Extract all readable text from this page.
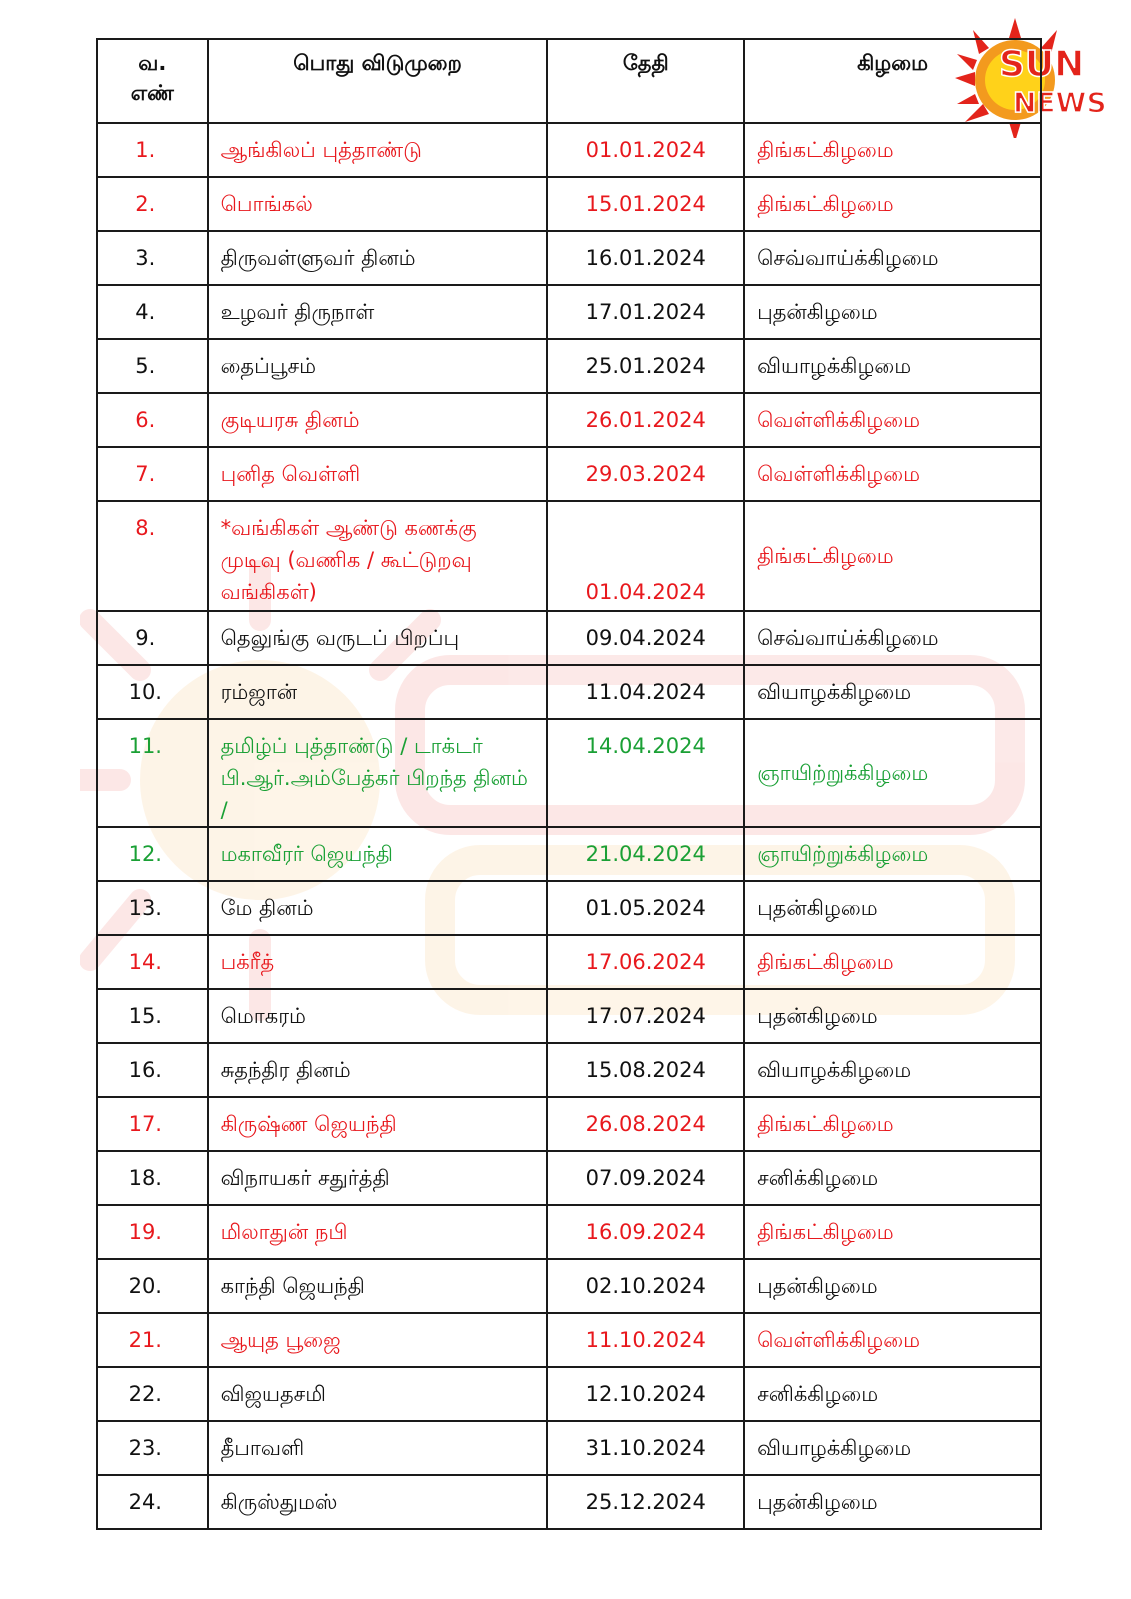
SUN
NEWS
வ. எண்	பொது விடுமுறை	தேதி	கிழமை
1.	ஆங்கிலப் புத்தாண்டு	01.01.2024	திங்கட்கிழமை
2.	பொங்கல்	15.01.2024	திங்கட்கிழமை
3.	திருவள்ளுவர் தினம்	16.01.2024	செவ்வாய்க்கிழமை
4.	உழவர் திருநாள்	17.01.2024	புதன்கிழமை
5.	தைப்பூசம்	25.01.2024	வியாழக்கிழமை
6.	குடியரசு தினம்	26.01.2024	வெள்ளிக்கிழமை
7.	புனித வெள்ளி	29.03.2024	வெள்ளிக்கிழமை
8.	*வங்கிகள் ஆண்டு கணக்கு முடிவு (வணிக / கூட்டுறவு வங்கிகள்)	01.04.2024	திங்கட்கிழமை
9.	தெலுங்கு வருடப் பிறப்பு	09.04.2024	செவ்வாய்க்கிழமை
10.	ரம்ஜான்	11.04.2024	வியாழக்கிழமை
11.	தமிழ்ப் புத்தாண்டு / டாக்டர் பி.ஆர்.அம்பேத்கர் பிறந்த தினம் /	14.04.2024	ஞாயிற்றுக்கிழமை
12.	மகாவீரர் ஜெயந்தி	21.04.2024	ஞாயிற்றுக்கிழமை
13.	மே தினம்	01.05.2024	புதன்கிழமை
14.	பக்ரீத்	17.06.2024	திங்கட்கிழமை
15.	மொகரம்	17.07.2024	புதன்கிழமை
16.	சுதந்திர தினம்	15.08.2024	வியாழக்கிழமை
17.	கிருஷ்ண ஜெயந்தி	26.08.2024	திங்கட்கிழமை
18.	விநாயகர் சதுர்த்தி	07.09.2024	சனிக்கிழமை
19.	மிலாதுன் நபி	16.09.2024	திங்கட்கிழமை
20.	காந்தி ஜெயந்தி	02.10.2024	புதன்கிழமை
21.	ஆயுத பூஜை	11.10.2024	வெள்ளிக்கிழமை
22.	விஜயதசமி	12.10.2024	சனிக்கிழமை
23.	தீபாவளி	31.10.2024	வியாழக்கிழமை
24.	கிருஸ்துமஸ்	25.12.2024	புதன்கிழமை
